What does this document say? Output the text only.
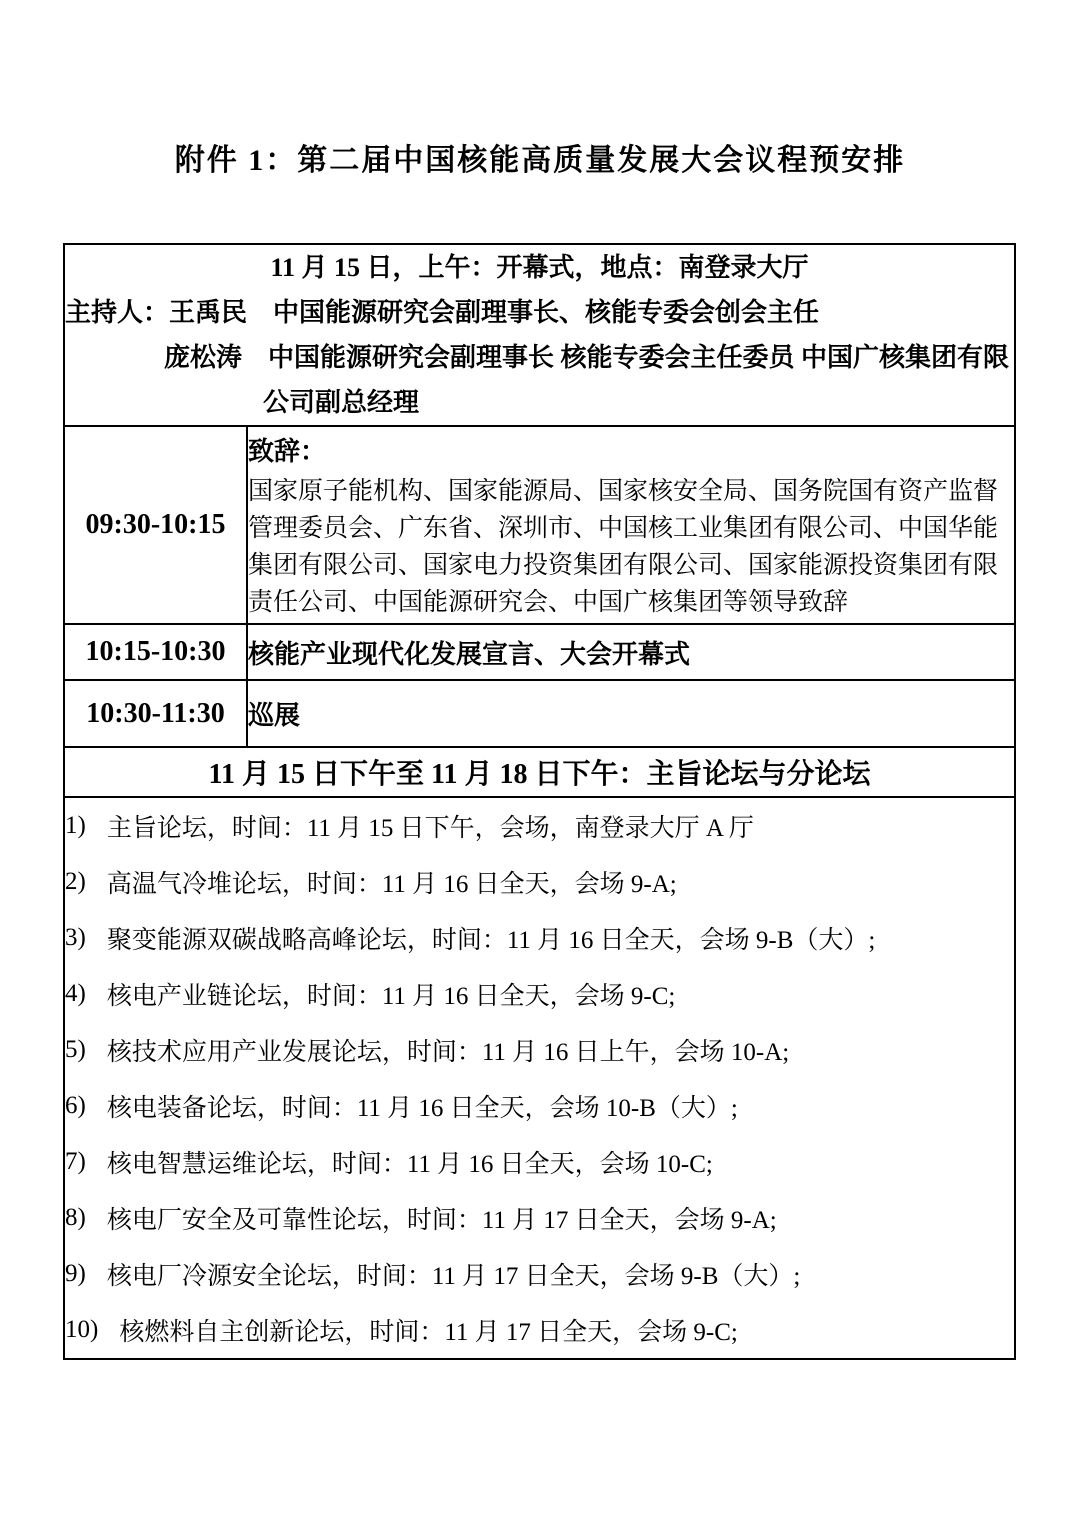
附件 1：第二届中国核能高质量发展大会议程预安排
11 月 15 日，上午：开幕式，地点：南登录大厅
主持人：王禹民　中国能源研究会副理事长、核能专委会创会主任
庞松涛　中国能源研究会副理事长 核能专委会主任委员 中国广核集团有限
公司副总经理	

09:30-10:15	致辞：
国家原子能机构、国家能源局、国家核安全局、国务院国有资产监督
管理委员会、广东省、深圳市、中国核工业集团有限公司、中国华能
集团有限公司、国家电力投资集团有限公司、国家能源投资集团有限
责任公司、中国能源研究会、中国广核集团等领导致辞

10:15-10:30	核能产业现代化发展宣言、大会开幕式
10:30-11:30	巡展
11 月 15 日下午至 11 月 18 日下午：主旨论坛与分论坛	

1) 主旨论坛，时间：11 月 15 日下午，会场，南登录大厅 A 厅
2) 高温气冷堆论坛，时间：11 月 16 日全天，会场 9-A;
3) 聚变能源双碳战略高峰论坛，时间：11 月 16 日全天，会场 9-B（大）;
4) 核电产业链论坛，时间：11 月 16 日全天，会场 9-C;
5) 核技术应用产业发展论坛，时间：11 月 16 日上午，会场 10-A;
6) 核电装备论坛，时间：11 月 16 日全天，会场 10-B（大）;
7) 核电智慧运维论坛，时间：11 月 16 日全天，会场 10-C;
8) 核电厂安全及可靠性论坛，时间：11 月 17 日全天，会场 9-A;
9) 核电厂冷源安全论坛，时间：11 月 17 日全天，会场 9-B（大）;
10) 核燃料自主创新论坛，时间：11 月 17 日全天，会场 9-C;
